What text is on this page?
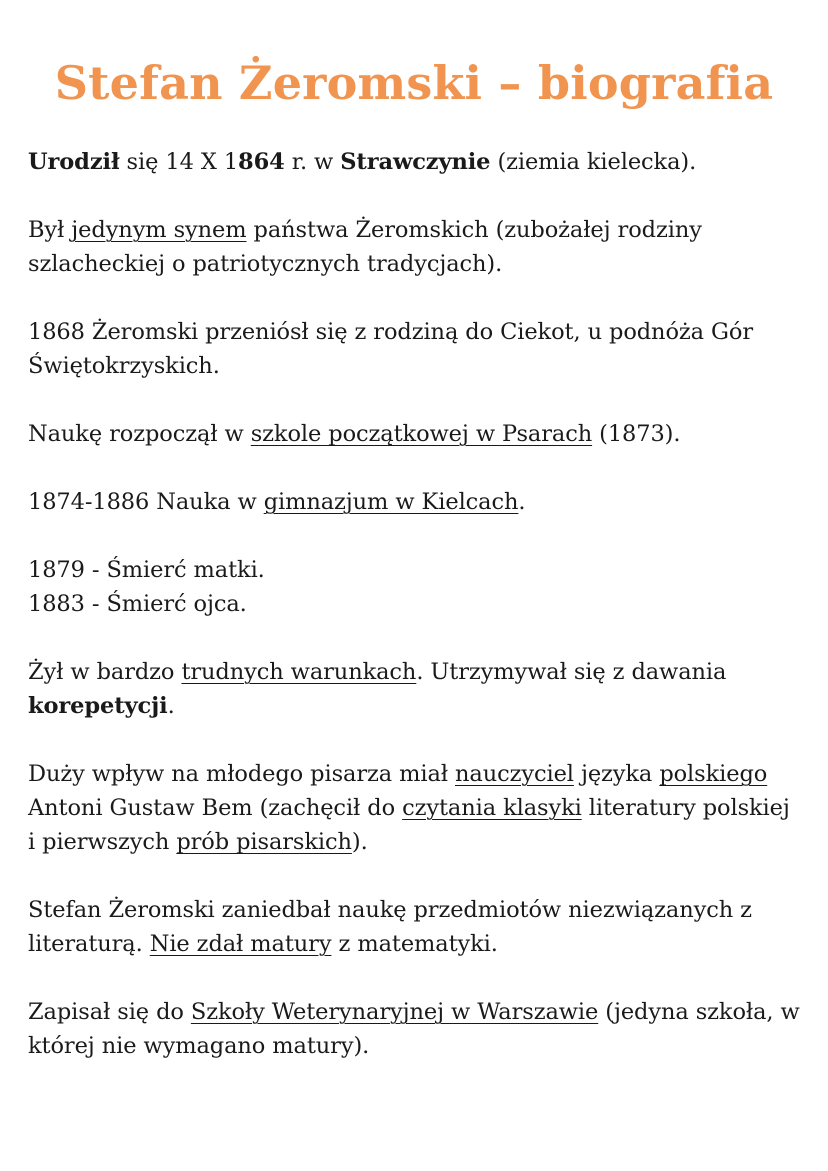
Stefan Żeromski – biografia

Urodził się 14 X 1864 r. w Strawczynie (ziemia kielecka).

Był jedynym synem państwa Żeromskich (zubożałej rodziny szlacheckiej o patriotycznych tradycjach).

1868 Żeromski przeniósł się z rodziną do Ciekot, u podnóża Gór Świętokrzyskich.

Naukę rozpoczął w szkole początkowej w Psarach (1873).

1874-1886 Nauka w gimnazjum w Kielcach.

1879 - Śmierć matki.

1883 - Śmierć ojca.

Żył w bardzo trudnych warunkach. Utrzymywał się z dawania korepetycji.

Duży wpływ na młodego pisarza miał nauczyciel języka polskiego Antoni Gustaw Bem (zachęcił do czytania klasyki literatury polskiej i pierwszych prób pisarskich).

Stefan Żeromski zaniedbał naukę przedmiotów niezwiązanych z literaturą. Nie zdał matury z matematyki.

Zapisał się do Szkoły Weterynaryjnej w Warszawie (jedyna szkoła, w której nie wymagano matury).
